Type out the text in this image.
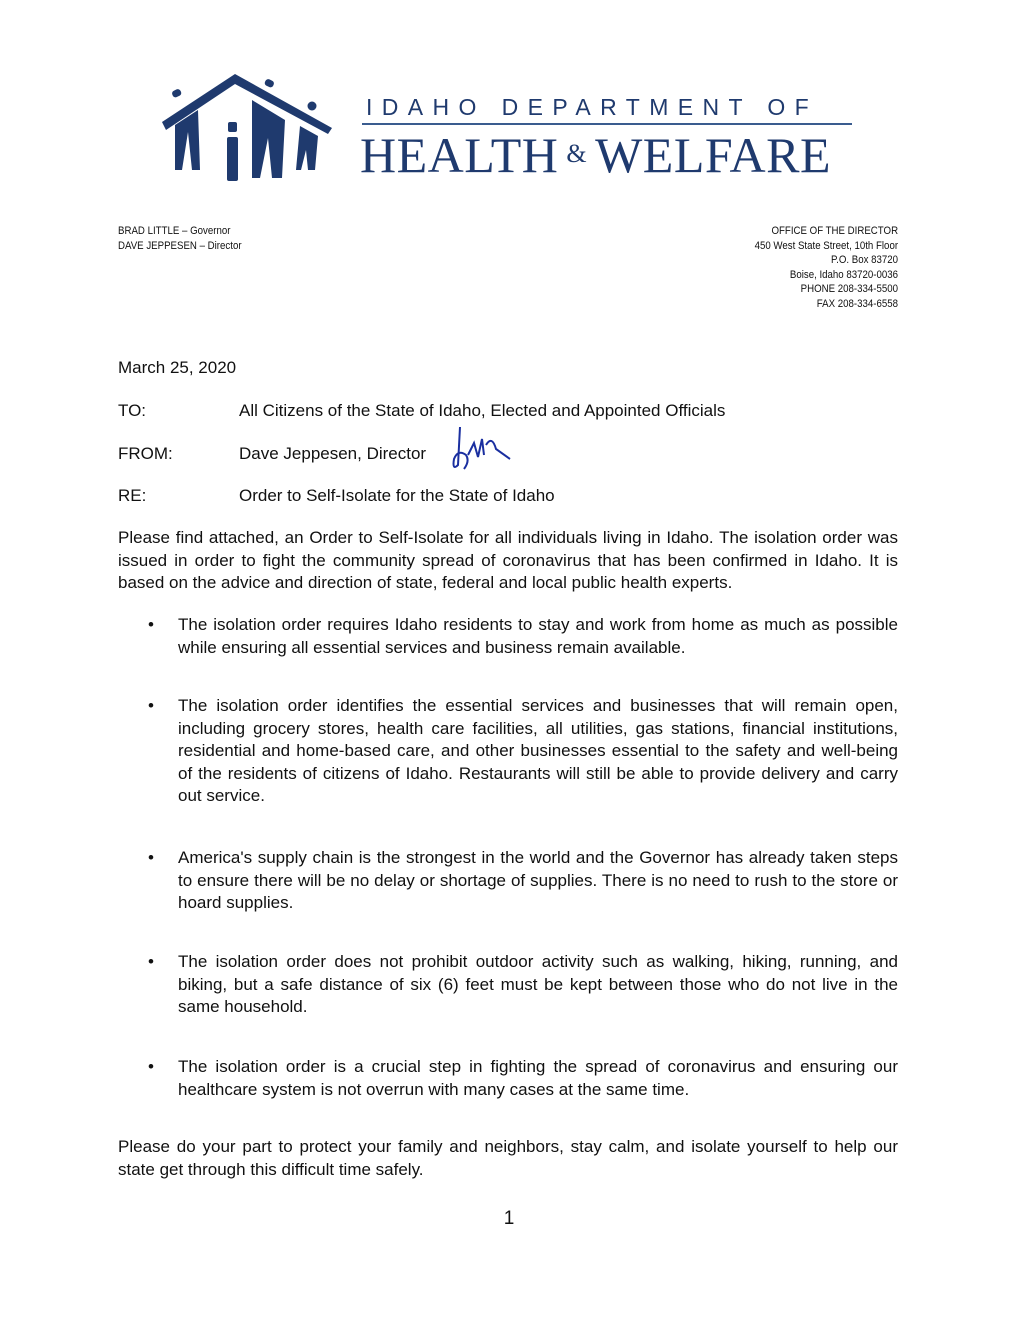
IDAHO DEPARTMENT OF
HEALTH & WELFARE
BRAD LITTLE – Governor
DAVE JEPPESEN – Director
OFFICE OF THE DIRECTOR
450 West State Street, 10th Floor
P.O. Box 83720
Boise, Idaho 83720-0036
PHONE 208-334-5500
FAX 208-334-6558
March 25, 2020
TO:	All Citizens of the State of Idaho, Elected and Appointed Officials
FROM:	Dave Jeppesen, Director
RE:	Order to Self-Isolate for the State of Idaho
Please find attached, an Order to Self-Isolate for all individuals living in Idaho. The isolation order was issued in order to fight the community spread of coronavirus that has been confirmed in Idaho. It is based on the advice and direction of state, federal and local public health experts.
• The isolation order requires Idaho residents to stay and work from home as much as possible while ensuring all essential services and business remain available.
• The isolation order identifies the essential services and businesses that will remain open, including grocery stores, health care facilities, all utilities, gas stations, financial institutions, residential and home-based care, and other businesses essential to the safety and well-being of the residents of citizens of Idaho. Restaurants will still be able to provide delivery and carry out service.
• America's supply chain is the strongest in the world and the Governor has already taken steps to ensure there will be no delay or shortage of supplies. There is no need to rush to the store or hoard supplies.
• The isolation order does not prohibit outdoor activity such as walking, hiking, running, and biking, but a safe distance of six (6) feet must be kept between those who do not live in the same household.
• The isolation order is a crucial step in fighting the spread of coronavirus and ensuring our healthcare system is not overrun with many cases at the same time.
Please do your part to protect your family and neighbors, stay calm, and isolate yourself to help our state get through this difficult time safely.
1
